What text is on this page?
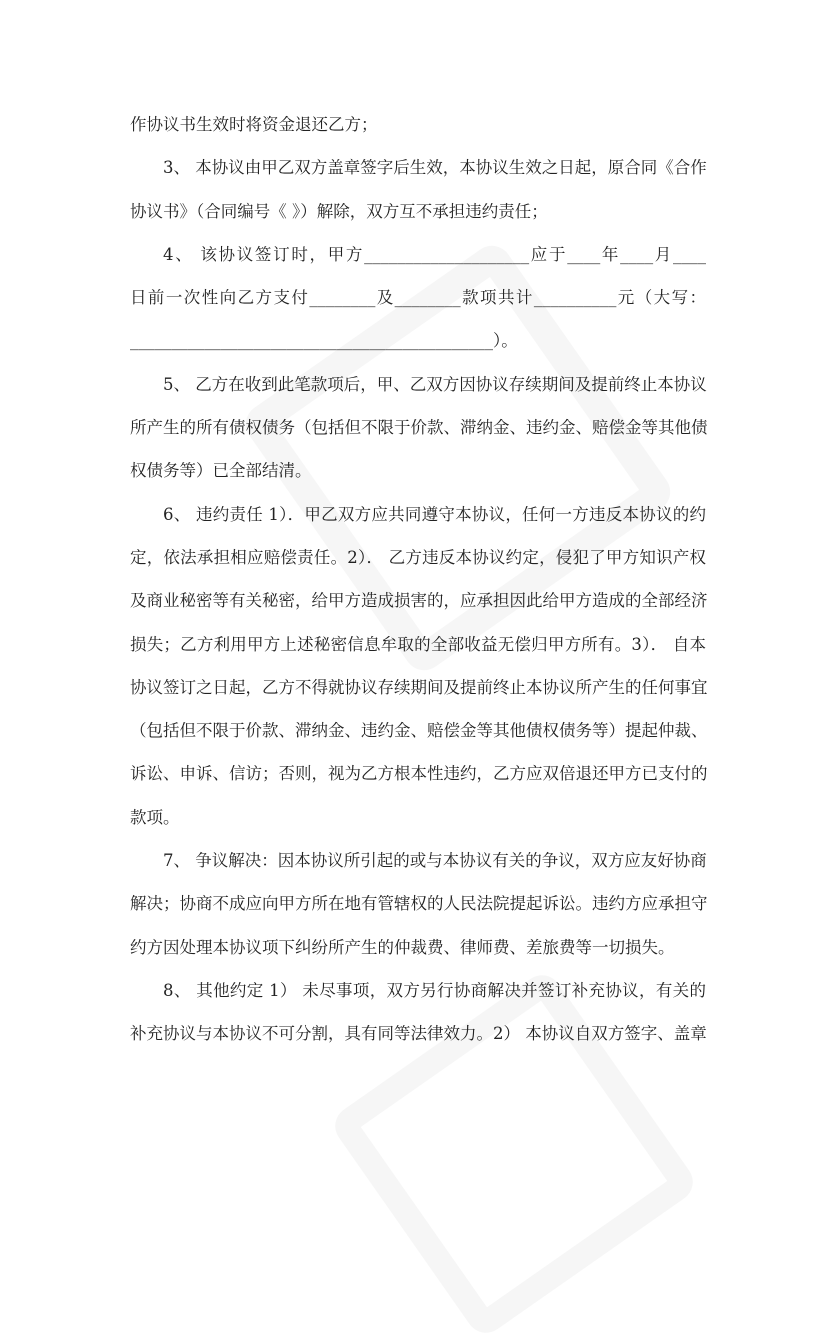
作协议书生效时将资金退还乙方；
3、 本协议由甲乙双方盖章签字后生效，本协议生效之日起，原合同《合作
协议书》（合同编号《 》）解除，双方互不承担违约责任；
4、 该协议签订时，甲方____________________应于____年____月____
日前一次性向乙方支付________及________款项共计__________元（大写：
____________________________________________）。
5、 乙方在收到此笔款项后，甲、乙双方因协议存续期间及提前终止本协议
所产生的所有债权债务（包括但不限于价款、滞纳金、违约金、赔偿金等其他债
权债务等）已全部结清。
6、 违约责任 1）．甲乙双方应共同遵守本协议，任何一方违反本协议的约
定，依法承担相应赔偿责任。2）． 乙方违反本协议约定，侵犯了甲方知识产权
及商业秘密等有关秘密，给甲方造成损害的，应承担因此给甲方造成的全部经济
损失；乙方利用甲方上述秘密信息牟取的全部收益无偿归甲方所有。3）． 自本
协议签订之日起，乙方不得就协议存续期间及提前终止本协议所产生的任何事宜
（包括但不限于价款、滞纳金、违约金、赔偿金等其他债权债务等）提起仲裁、
诉讼、申诉、信访；否则，视为乙方根本性违约，乙方应双倍退还甲方已支付的
款项。
7、 争议解决：因本协议所引起的或与本协议有关的争议，双方应友好协商
解决；协商不成应向甲方所在地有管辖权的人民法院提起诉讼。违约方应承担守
约方因处理本协议项下纠纷所产生的仲裁费、律师费、差旅费等一切损失。
8、 其他约定 1） 未尽事项，双方另行协商解决并签订补充协议，有关的
补充协议与本协议不可分割，具有同等法律效力。2） 本协议自双方签字、盖章
